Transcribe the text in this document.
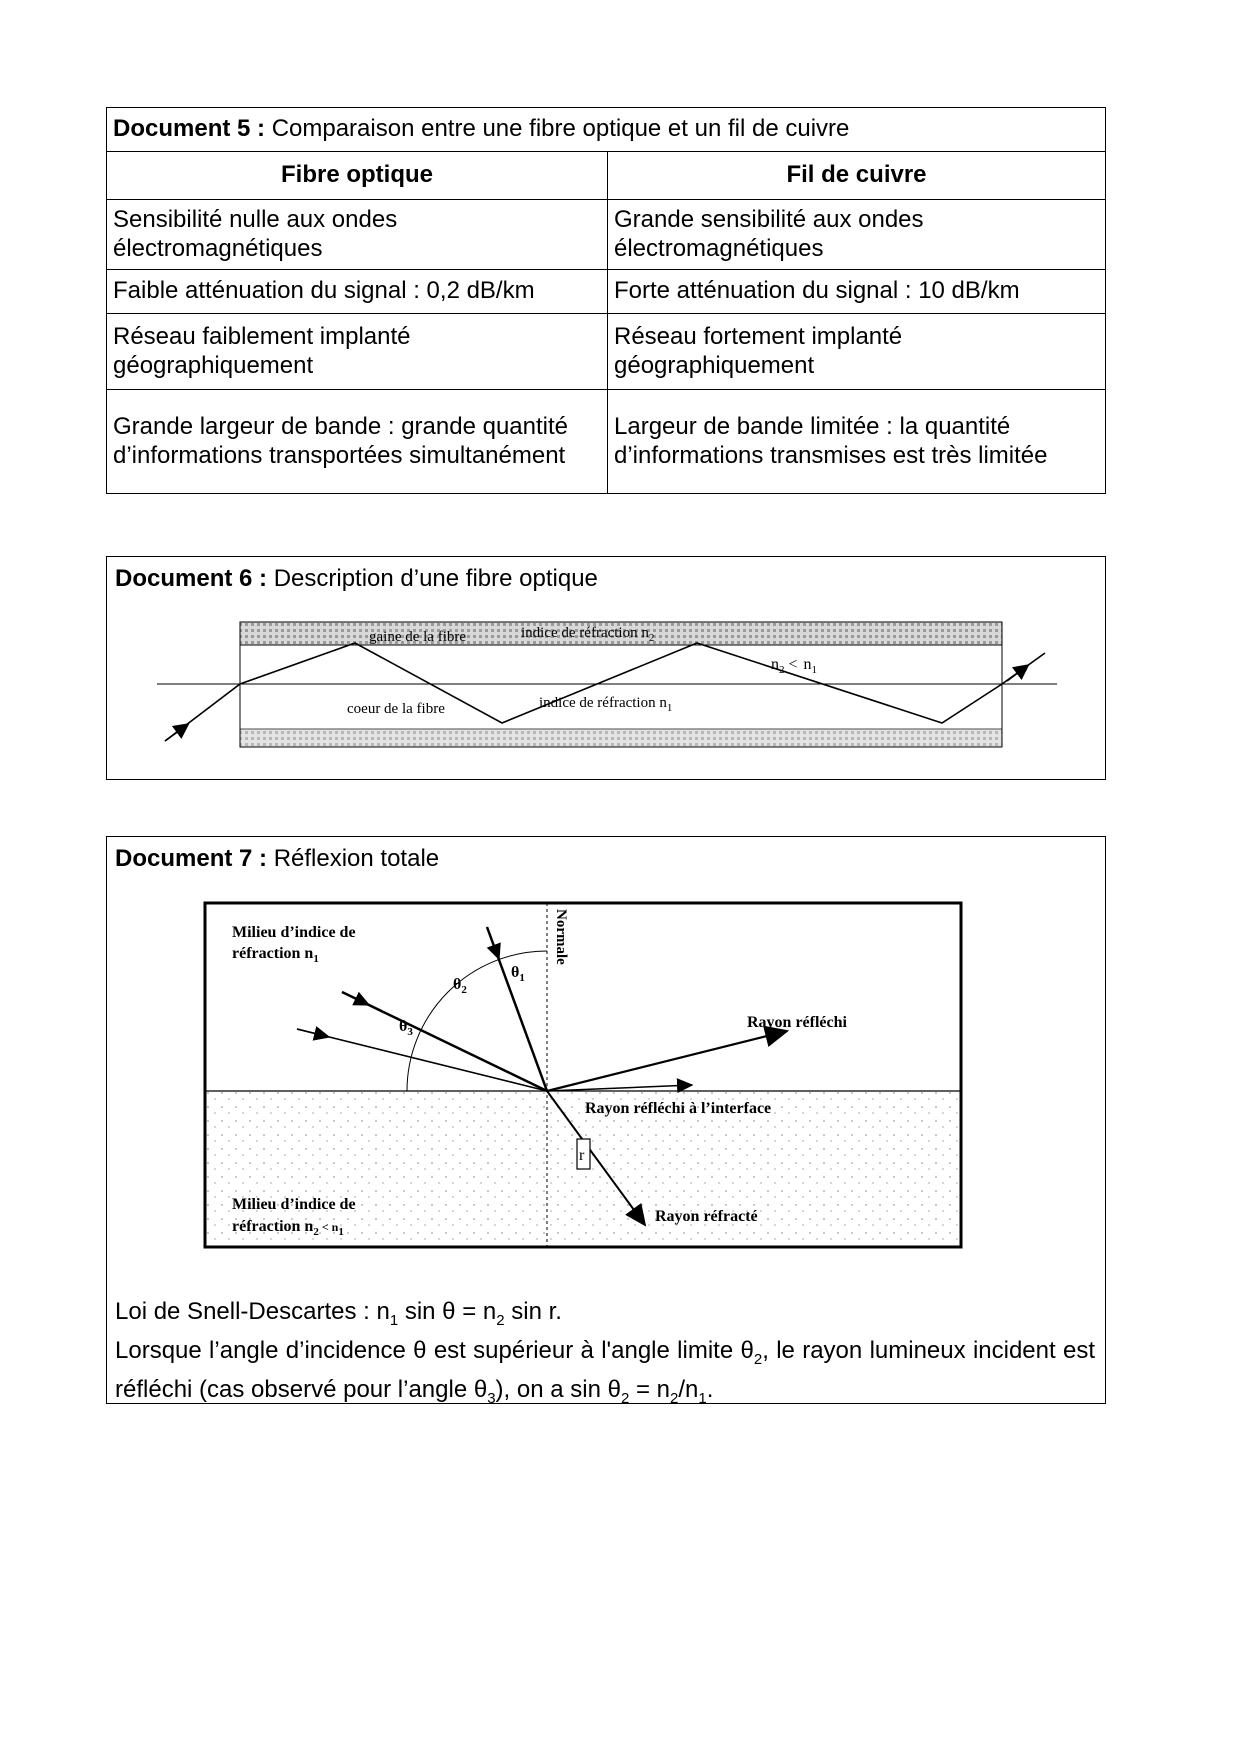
Document 5 : Comparaison entre une fibre optique et un fil de cuivre	
Fibre optique	Fil de cuivre
Sensibilité nulle aux ondes électromagnétiques	Grande sensibilité aux ondes électromagnétiques
Faible atténuation du signal : 0,2 dB/km	Forte atténuation du signal : 10 dB/km
Réseau faiblement implanté géographiquement	Réseau fortement implanté géographiquement
Grande largeur de bande : grande quantité d’informations transportées simultanément	Largeur de bande limitée : la quantité d’informations transmises est très limitée
Document 6 : Description d’une fibre optique
gaine de la fibre	indice de réfraction $n_2$
coeur de la fibre	indice de réfraction $n_1$
$n_2 < n_1$
Document 7 : Réflexion totale
Milieu d’indice de
réfraction $n_1$	Normale
$\theta_1$
$\theta_2$
$\theta_3$
Rayon réfléchi
Rayon réfléchi à l’interface
r
Rayon réfracté
Milieu d’indice de
réfraction $n_2$ $^{< n}_1$
Loi de Snell-Descartes : $n_1$ $\sin \theta = n_2$ sin r.
Lorsque l’angle d’incidence θ est supérieur à l'angle limite $\theta_2$, le rayon lumineux incident est réfléchi (cas observé pour l’angle $\theta_3$), on a $\sin \theta_2 = n_2/n_1$.
